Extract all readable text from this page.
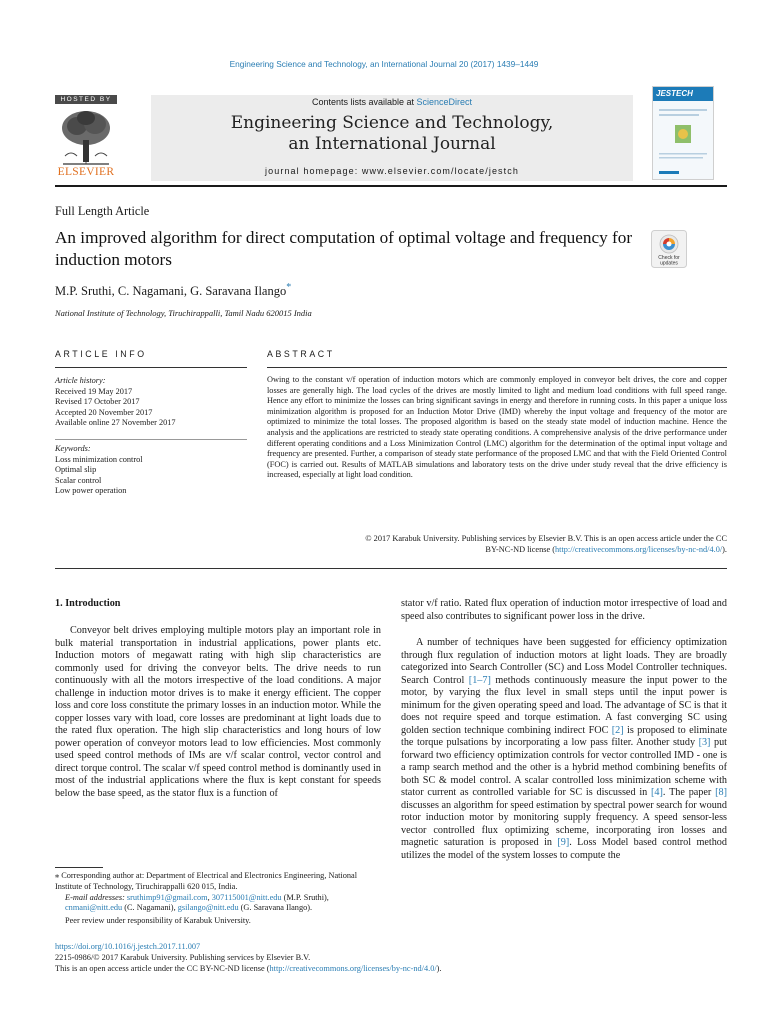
Engineering Science and Technology, an International Journal 20 (2017) 1439–1449
HOSTED BY
ELSEVIER
Contents lists available at ScienceDirect
Engineering Science and Technology,
an International Journal
journal homepage: www.elsevier.com/locate/jestch
JESTECH
Full Length Article
An improved algorithm for direct computation of optimal voltage and frequency for induction motors	Check for
updates
M.P. Sruthi, C. Nagamani, G. Saravana Ilango*
National Institute of Technology, Tiruchirappalli, Tamil Nadu 620015 India
ARTICLE INFO	ABSTRACT
Article history:
Received 19 May 2017
Revised 17 October 2017
Accepted 20 November 2017
Available online 27 November 2017
Keywords:
Loss minimization control
Optimal slip
Scalar control
Low power operation

Owing to the constant v/f operation of induction motors which are commonly employed in conveyor belt drives, the core and copper losses are generally high. The load cycles of the drives are mostly limited to light and medium load conditions with full speed range. Hence any effort to minimize the losses can bring significant savings in energy and therefore in running costs. In this paper a unique loss minimization algorithm is proposed for an Induction Motor Drive (IMD) whereby the input voltage and frequency of the motor are optimized to minimize the total losses. The proposed algorithm is based on the steady state model of induction machine. Hence the analysis and the applications are restricted to steady state operating conditions. A comprehensive analysis of the drive performance under different operating conditions and a Loss Minimization Control (LMC) algorithm for the determination of the optimal input voltage and frequency are presented. Further, a comparison of steady state performance of the proposed LMC and that with the Field Oriented Control (FOC) is carried out. Results of MATLAB simulations and laboratory tests on the drive under study reveal that the drive efficiency is increased, especially at light load condition.

© 2017 Karabuk University. Publishing services by Elsevier B.V. This is an open access article under the CC
BY-NC-ND license (http://creativecommons.org/licenses/by-nc-nd/4.0/).
1. Introduction

Conveyor belt drives employing multiple motors play an important role in bulk material transportation in industrial applications, power plants etc. Induction motors of megawatt rating with high slip characteristics are commonly used for driving the conveyor belts. The drive needs to run continuously with all the motors irrespective of the load conditions. A major challenge in induction motor drives is to make it energy efficient. The copper loss and core loss constitute the primary losses in an induction motor. While the copper losses vary with load, core losses are predominant at light loads due to the rated flux operation. The high slip characteristics and long hours of low power operation of conveyor motors lead to low efficiencies. Most commonly used speed control methods of IMs are v/f scalar control, vector control and direct torque control. The scalar v/f speed control method is dominantly used in most of the industrial applications where the flux is kept constant for speeds below the base speed, as the stator flux is a function of

stator v/f ratio. Rated flux operation of induction motor irrespective of load and speed also contributes to significant power loss in the drive.

A number of techniques have been suggested for efficiency optimization through flux regulation of induction motors at light loads. They are broadly categorized into Search Controller (SC) and Loss Model Controller techniques. Search Control [1–7] methods continuously measure the input power to the motor, by varying the flux level in small steps until the input power is minimum for the given operating speed and load. The advantage of SC is that it does not require speed and torque estimation. A fast converging SC using golden section technique combining indirect FOC [2] is proposed to eliminate the torque pulsations by incorporating a low pass filter. Another study [3] put forward two efficiency optimization controls for vector controlled IMD - one is a ramp search method and the other is a hybrid method combining benefits of both SC & model control. A scalar controlled loss minimization scheme with stator current as controlled variable for SC is discussed in [4]. The paper [8] discusses an algorithm for speed estimation by spectral power search for wound rotor induction motor by monitoring supply frequency. A speed sensor-less vector controlled flux optimizing scheme, incorporating iron losses and magnetic saturation is proposed in [9]. Loss Model based control method utilizes the model of the system losses to compute the

⁎ Corresponding author at: Department of Electrical and Electronics Engineering, National Institute of Technology, Tiruchirappalli 620 015, India.

E-mail addresses: sruthimp91@gmail.com, 307115001@nitt.edu (M.P. Sruthi), cnmani@nitt.edu (C. Nagamani), gsilango@nitt.edu (G. Saravana Ilango).

Peer review under responsibility of Karabuk University.

https://doi.org/10.1016/j.jestch.2017.11.007

2215-0986/© 2017 Karabuk University. Publishing services by Elsevier B.V.

This is an open access article under the CC BY-NC-ND license (http://creativecommons.org/licenses/by-nc-nd/4.0/).
